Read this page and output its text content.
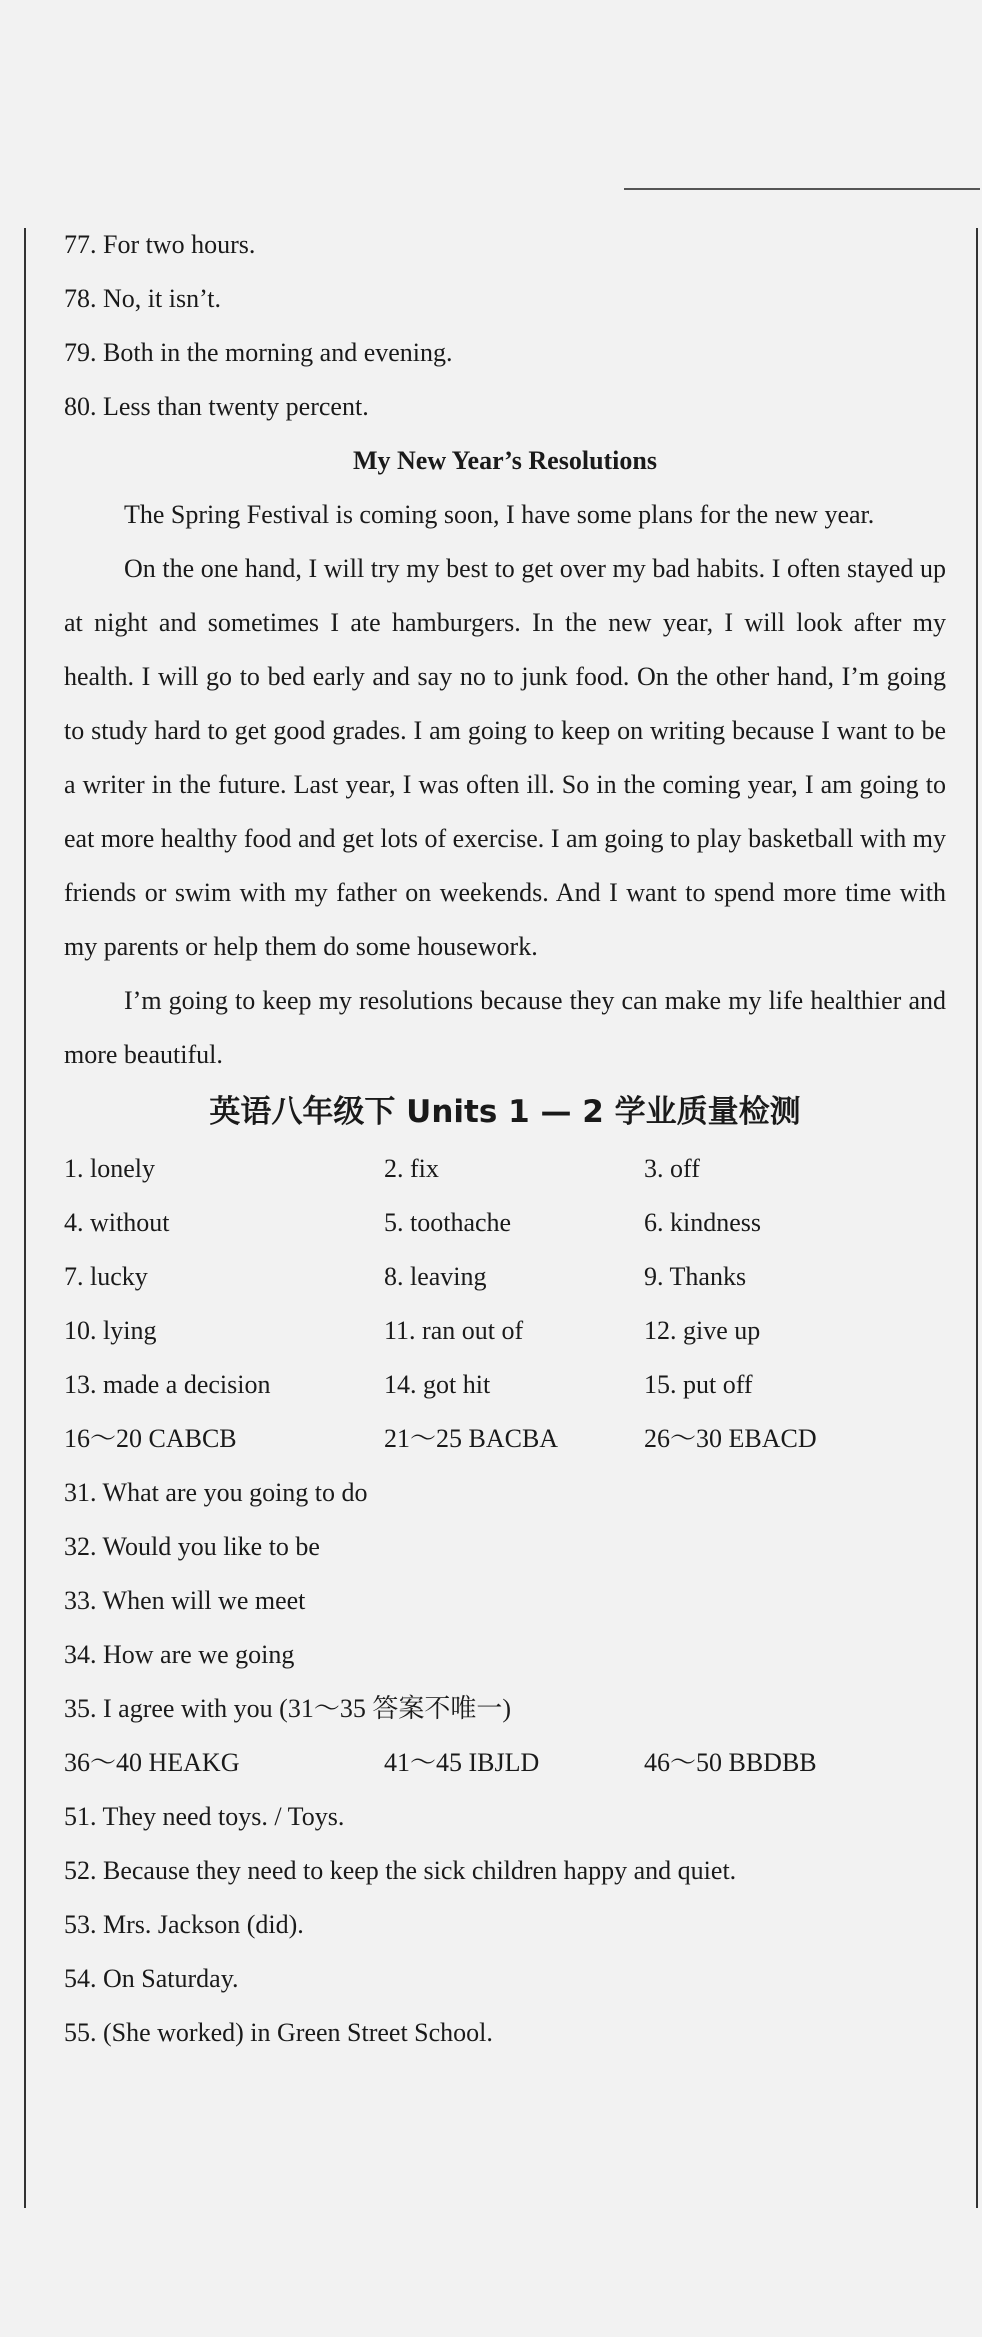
77. For two hours.
78. No, it isn’t.
79. Both in the morning and evening.
80. Less than twenty percent.
My New Year’s Resolutions
The Spring Festival is coming soon, I have some plans for the new year.
On the one hand, I will try my best to get over my bad habits. I often stayed up at night and sometimes I ate hamburgers. In the new year, I will look after my health. I will go to bed early and say no to junk food. On the other hand, I’m going to study hard to get good grades. I am going to keep on writing because I want to be a writer in the future. Last year, I was often ill. So in the coming year, I am going to eat more healthy food and get lots of exercise. I am going to play basketball with my friends or swim with my father on weekends. And I want to spend more time with my parents or help them do some housework.
I’m going to keep my resolutions because they can make my life healthier and more beautiful.
英语八年级下 Units 1 — 2 学业质量检测
1. lonely	2. fix	3. off
4. without	5. toothache	6. kindness
7. lucky	8. leaving	9. Thanks
10. lying	11. ran out of	12. give up
13. made a decision	14. got hit	15. put off
16～20 CABCB	21～25 BACBA	26～30 EBACD
31. What are you going to do
32. Would you like to be
33. When will we meet
34. How are we going
35. I agree with you (31～35 答案不唯一)
36～40 HEAKG	41～45 IBJLD	46～50 BBDBB
51. They need toys. / Toys.
52. Because they need to keep the sick children happy and quiet.
53. Mrs. Jackson (did).
54. On Saturday.
55. (She worked) in Green Street School.
